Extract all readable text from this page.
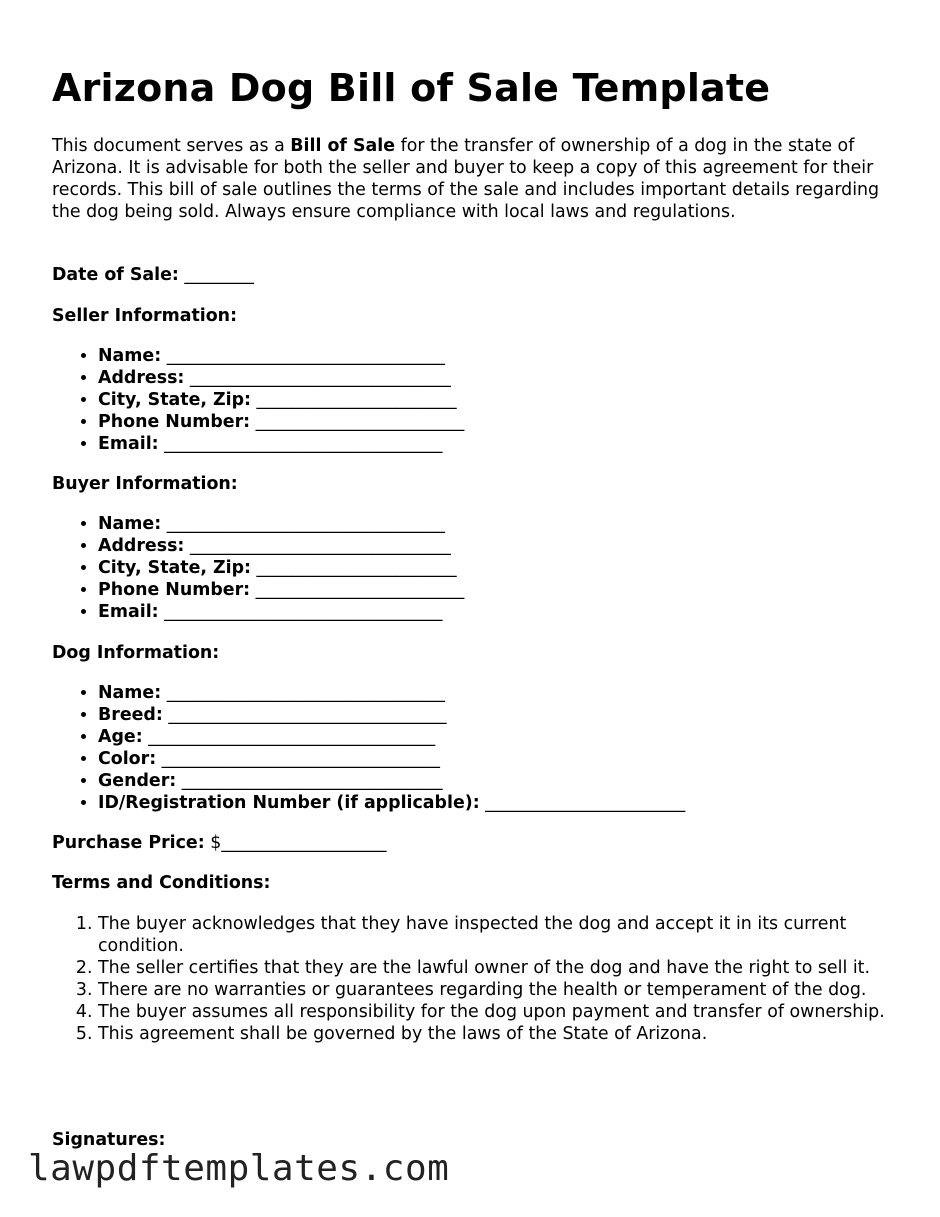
Arizona Dog Bill of Sale Template

This document serves as a Bill of Sale for the transfer of ownership of a dog in the state of Arizona. It is advisable for both the seller and buyer to keep a copy of this agreement for their records. This bill of sale outlines the terms of the sale and includes important details regarding the dog being sold. Always ensure compliance with local laws and regulations.

Date of Sale: ________

Seller Information:

• Name: ________________________________
• Address: ______________________________
• City, State, Zip: _______________________
• Phone Number: ________________________
• Email: ________________________________

Buyer Information:

• Name: ________________________________
• Address: ______________________________
• City, State, Zip: _______________________
• Phone Number: ________________________
• Email: ________________________________

Dog Information:

• Name: ________________________________
• Breed: ________________________________
• Age: _________________________________
• Color: ________________________________
• Gender: ______________________________
• ID/Registration Number (if applicable): _______________________

Purchase Price: $___________________

Terms and Conditions:

1. The buyer acknowledges that they have inspected the dog and accept it in its current condition.
2. The seller certifies that they are the lawful owner of the dog and have the right to sell it.
3. There are no warranties or guarantees regarding the health or temperament of the dog.
4. The buyer assumes all responsibility for the dog upon payment and transfer of ownership.
5. This agreement shall be governed by the laws of the State of Arizona.

Signatures:

lawpdftemplates.com
